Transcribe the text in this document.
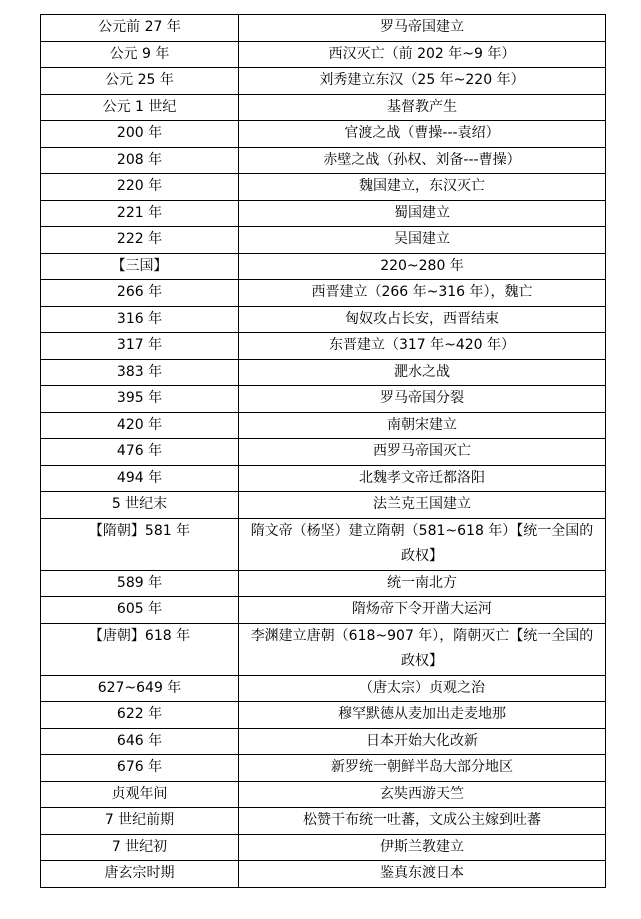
公元前 27 年	罗马帝国建立
公元 9 年	西汉灭亡（前 202 年~9 年）
公元 25 年	刘秀建立东汉（25 年~220 年）
公元 1 世纪	基督教产生
200 年	官渡之战（曹操---袁绍）
208 年	赤壁之战（孙权、刘备---曹操）
220 年	魏国建立，东汉灭亡
221 年	蜀国建立
222 年	吴国建立
【三国】	220~280 年
266 年	西晋建立（266 年~316 年），魏亡
316 年	匈奴攻占长安，西晋结束
317 年	东晋建立（317 年~420 年）
383 年	淝水之战
395 年	罗马帝国分裂
420 年	南朝宋建立
476 年	西罗马帝国灭亡
494 年	北魏孝文帝迁都洛阳
5 世纪末	法兰克王国建立
【隋朝】581 年	隋文帝（杨坚）建立隋朝（581~618 年）【统一全国的政权】
589 年	统一南北方
605 年	隋炀帝下令开凿大运河
【唐朝】618 年	李渊建立唐朝（618~907 年），隋朝灭亡【统一全国的政权】
627~649 年	（唐太宗）贞观之治
622 年	穆罕默德从麦加出走麦地那
646 年	日本开始大化改新
676 年	新罗统一朝鲜半岛大部分地区
贞观年间	玄奘西游天竺
7 世纪前期	松赞干布统一吐蕃，文成公主嫁到吐蕃
7 世纪初	伊斯兰教建立
唐玄宗时期	鉴真东渡日本
